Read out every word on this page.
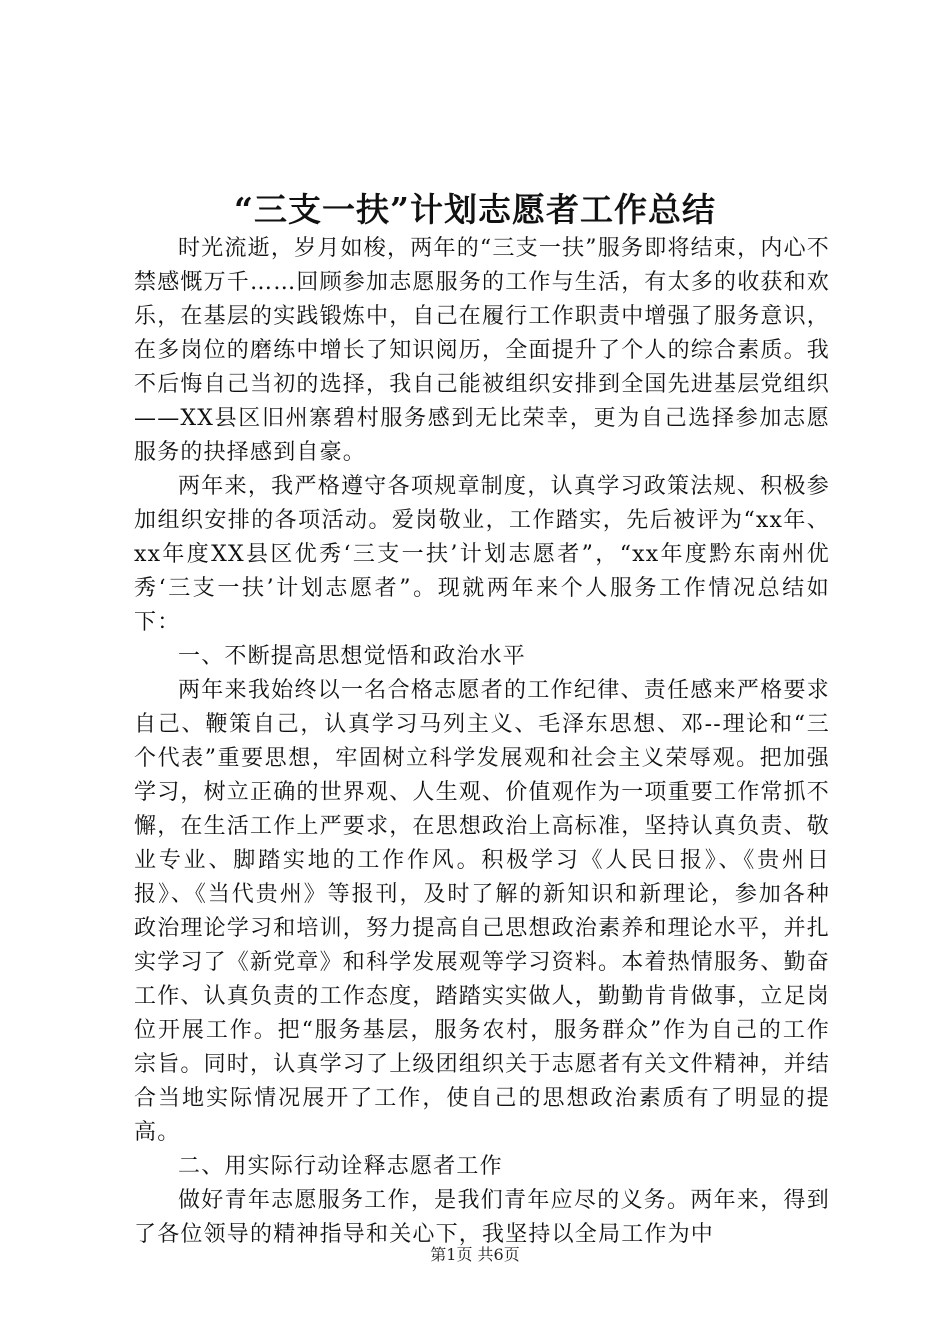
“三支一扶”计划志愿者工作总结

时光流逝，岁月如梭，两年的“三支一扶”服务即将结束，内心不禁感慨万千……回顾参加志愿服务的工作与生活，有太多的收获和欢乐，在基层的实践锻炼中，自己在履行工作职责中增强了服务意识，在多岗位的磨练中增长了知识阅历，全面提升了个人的综合素质。我不后悔自己当初的选择，我自己能被组织安排到全国先进基层党组织——XX县区旧州寨碧村服务感到无比荣幸，更为自己选择参加志愿服务的抉择感到自豪。

两年来，我严格遵守各项规章制度，认真学习政策法规、积极参加组织安排的各项活动。爱岗敬业，工作踏实，先后被评为“xx年、xx年度XX县区优秀‘三支一扶’计划志愿者”，“xx年度黔东南州优秀‘三支一扶’计划志愿者”。现就两年来个人服务工作情况总结如下：

一、不断提高思想觉悟和政治水平

两年来我始终以一名合格志愿者的工作纪律、责任感来严格要求自己、鞭策自己，认真学习马列主义、毛泽东思想、邓--理论和“三个代表”重要思想，牢固树立科学发展观和社会主义荣辱观。把加强学习，树立正确的世界观、人生观、价值观作为一项重要工作常抓不懈，在生活工作上严要求，在思想政治上高标准，坚持认真负责、敬业专业、脚踏实地的工作作风。积极学习《人民日报》、《贵州日报》、《当代贵州》等报刊，及时了解的新知识和新理论，参加各种政治理论学习和培训，努力提高自己思想政治素养和理论水平，并扎实学习了《新党章》和科学发展观等学习资料。本着热情服务、勤奋工作、认真负责的工作态度，踏踏实实做人，勤勤肯肯做事，立足岗位开展工作。把“服务基层，服务农村，服务群众”作为自己的工作宗旨。同时，认真学习了上级团组织关于志愿者有关文件精神，并结合当地实际情况展开了工作，使自己的思想政治素质有了明显的提高。

二、用实际行动诠释志愿者工作

做好青年志愿服务工作，是我们青年应尽的义务。两年来，得到了各位领导的精神指导和关心下，我坚持以全局工作为中

第1页 共6页
